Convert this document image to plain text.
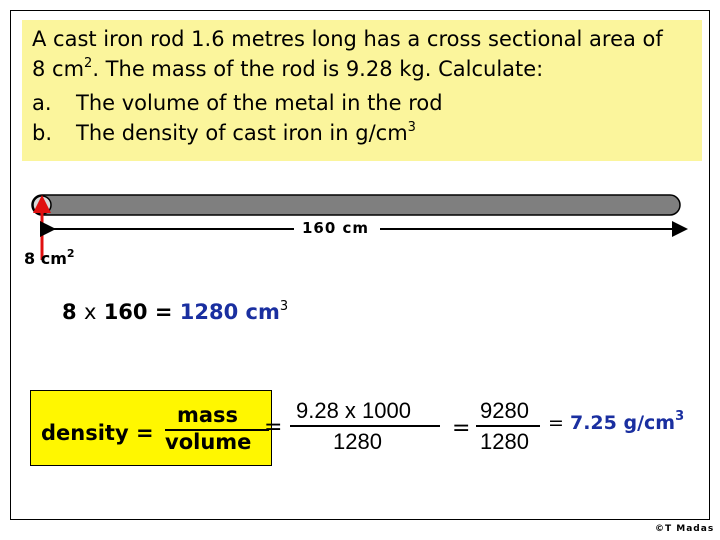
A cast iron rod 1.6 metres long has a cross sectional area of

8 $cm^2$. The mass of the rod is 9.28 kg. Calculate:

a.	The volume of the metal in the rod
b.	The density of cast iron in $g/cm^3$
160 cm
8 $cm^2$
8 x 160 = 1280 $cm^3$
density =
mass
volume
=
9.28 x 1000
1280
=
9280
1280
= 7.25 $g/cm^3$
©T Madas
